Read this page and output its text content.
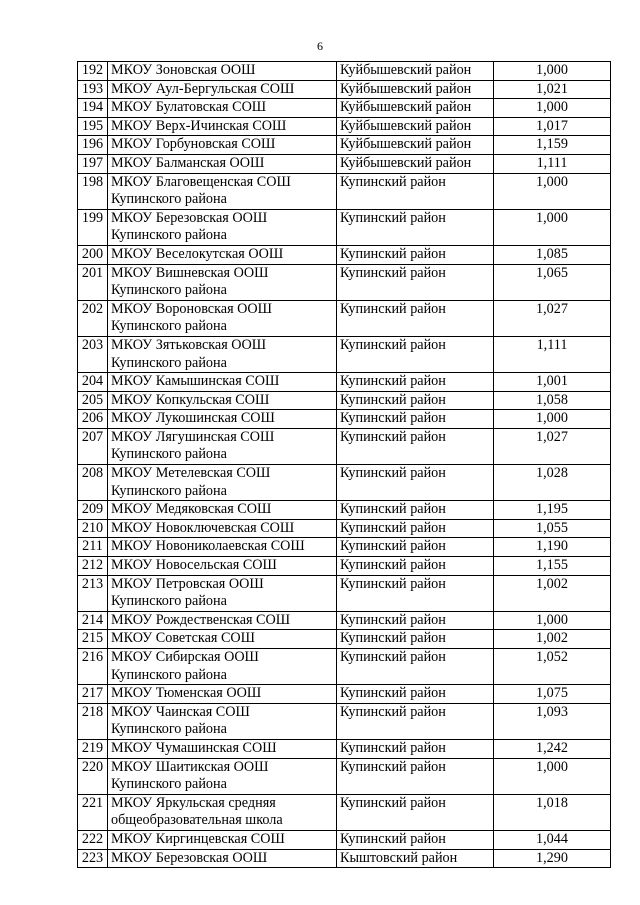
6
192	МКОУ Зоновская ООШ	Куйбышевский район	1,000
193	МКОУ Аул-Бергульская СОШ	Куйбышевский район	1,021
194	МКОУ Булатовская СОШ	Куйбышевский район	1,000
195	МКОУ Верх-Ичинская СОШ	Куйбышевский район	1,017
196	МКОУ Горбуновская СОШ	Куйбышевский район	1,159
197	МКОУ Балманская ООШ	Куйбышевский район	1,111
198	МКОУ Благовещенская СОШ
Купинского района	Купинский район	1,000
199	МКОУ Березовская ООШ
Купинского района	Купинский район	1,000
200	МКОУ Веселокутская ООШ	Купинский район	1,085
201	МКОУ Вишневская ООШ
Купинского района	Купинский район	1,065
202	МКОУ Вороновская ООШ
Купинского района	Купинский район	1,027
203	МКОУ Зятьковская ООШ
Купинского района	Купинский район	1,111
204	МКОУ Камышинская СОШ	Купинский район	1,001
205	МКОУ Копкульская СОШ	Купинский район	1,058
206	МКОУ Лукошинская СОШ	Купинский район	1,000
207	МКОУ Лягушинская СОШ
Купинского района	Купинский район	1,027
208	МКОУ Метелевская СОШ
Купинского района	Купинский район	1,028
209	МКОУ Медяковская СОШ	Купинский район	1,195
210	МКОУ Новоключевская СОШ	Купинский район	1,055
211	МКОУ Новониколаевская СОШ	Купинский район	1,190
212	МКОУ Новосельская СОШ	Купинский район	1,155
213	МКОУ Петровская ООШ
Купинского района	Купинский район	1,002
214	МКОУ Рождественская СОШ	Купинский район	1,000
215	МКОУ Советская СОШ	Купинский район	1,002
216	МКОУ Сибирская ООШ
Купинского района	Купинский район	1,052
217	МКОУ Тюменская ООШ	Купинский район	1,075
218	МКОУ Чаинская СОШ
Купинского района	Купинский район	1,093
219	МКОУ Чумашинская СОШ	Купинский район	1,242
220	МКОУ Шаитикская ООШ
Купинского района	Купинский район	1,000
221	МКОУ Яркульская средняя
общеобразовательная школа	Купинский район	1,018
222	МКОУ Киргинцевская СОШ	Купинский район	1,044
223	МКОУ Березовская ООШ	Кыштовский район	1,290
